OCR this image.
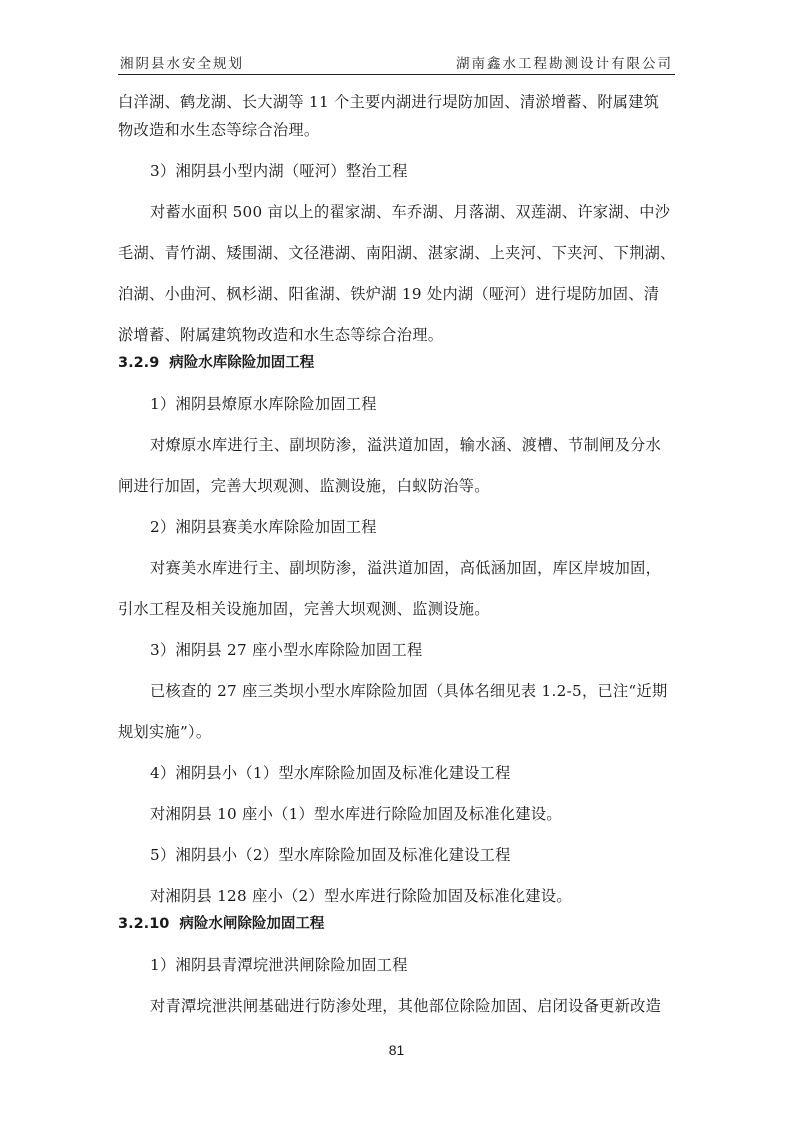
湘阴县水安全规划	湖南鑫水工程勘测设计有限公司

白洋湖、鹤龙湖、长大湖等 11 个主要内湖进行堤防加固、清淤增蓄、附属建筑

物改造和水生态等综合治理。

3）湘阴县小型内湖（哑河）整治工程

对蓄水面积 500 亩以上的翟家湖、车乔湖、月落湖、双莲湖、许家湖、中沙

毛湖、青竹湖、矮围湖、文径港湖、南阳湖、湛家湖、上夹河、下夹河、下荆湖、

泊湖、小曲河、枫杉湖、阳雀湖、铁炉湖 19 处内湖（哑河）进行堤防加固、清

淤增蓄、附属建筑物改造和水生态等综合治理。

3.2.9 病险水库除险加固工程

1）湘阴县燎原水库除险加固工程

对燎原水库进行主、副坝防渗，溢洪道加固，输水涵、渡槽、节制闸及分水

闸进行加固，完善大坝观测、监测设施，白蚁防治等。

2）湘阴县赛美水库除险加固工程

对赛美水库进行主、副坝防渗，溢洪道加固，高低涵加固，库区岸坡加固，

引水工程及相关设施加固，完善大坝观测、监测设施。

3）湘阴县 27 座小型水库除险加固工程

已核查的 27 座三类坝小型水库除险加固（具体名细见表 1.2-5，已注“近期

规划实施”）。

4）湘阴县小（1）型水库除险加固及标准化建设工程

对湘阴县 10 座小（1）型水库进行除险加固及标准化建设。

5）湘阴县小（2）型水库除险加固及标准化建设工程

对湘阴县 128 座小（2）型水库进行除险加固及标准化建设。

3.2.10 病险水闸除险加固工程

1）湘阴县青潭垸泄洪闸除险加固工程

对青潭垸泄洪闸基础进行防渗处理，其他部位除险加固、启闭设备更新改造

81
